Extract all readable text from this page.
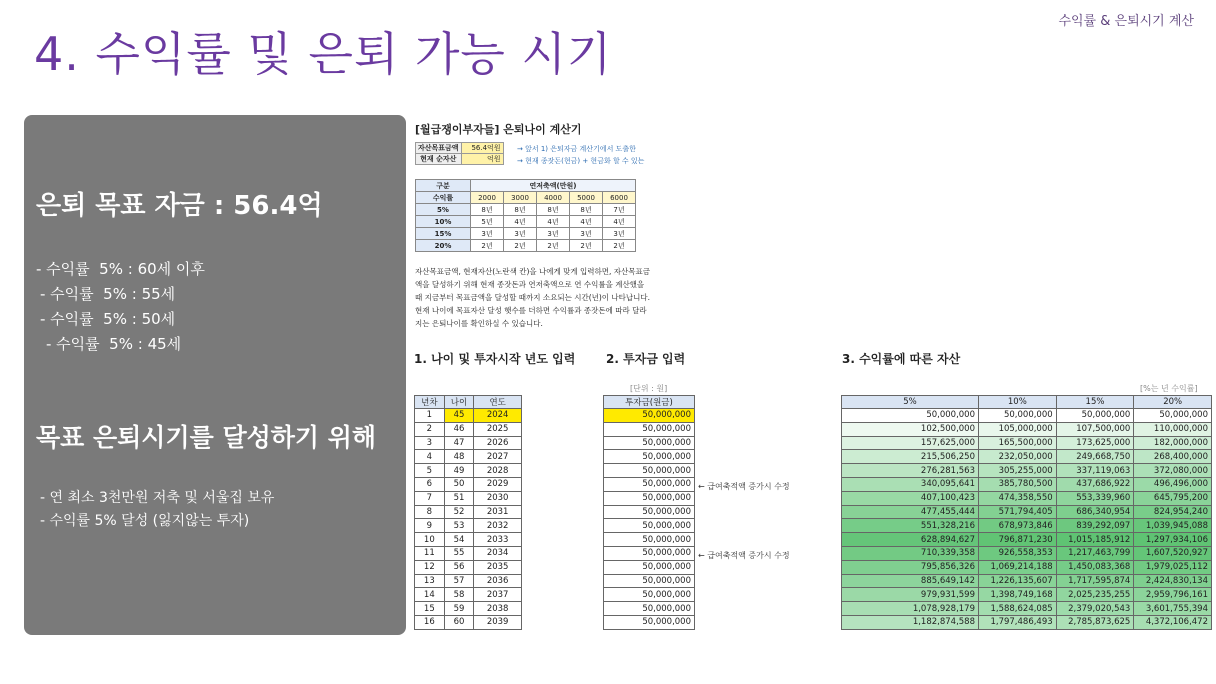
수익률 & 은퇴시기 계산
4. 수익률 및 은퇴 가능 시기
은퇴 목표 자금 : 56.4억
- 수익률  5% : 60세 이후
- 수익률  5% : 55세
- 수익률  5% : 50세
- 수익률  5% : 45세
목표 은퇴시기를 달성하기 위해
- 연 최소 3천만원 저축 및 서울집 보유
- 수익률 5% 달성 (잃지않는 투자)
[월급쟁이부자들] 은퇴나이 계산기
자산목표금액	56.4억원
현재 순자산	억원
→ 앞서 1) 은퇴자금 계산기에서 도출한
→ 현재 종잣돈(현금) + 현금화 할 수 있는
구분	연저축액(만원)				
수익률	2000	3000	4000	5000	6000
5%	8년	8년	8년	8년	7년
10%	5년	4년	4년	4년	4년
15%	3년	3년	3년	3년	3년
20%	2년	2년	2년	2년	2년
자산목표금액, 현재자산(노란색 칸)을 나에게 맞게 입력하면, 자산목표금액을 달성하기 위해 현재 종잣돈과 연저축액으로 연 수익률을 계산했을 때 지금부터 목표금액을 달성할 때까지 소요되는 시간(년)이 나타납니다. 현재 나이에 목표자산 달성 햇수를 더하면 수익률과 종잣돈에 따라 달라지는 은퇴나이를 확인하실 수 있습니다.
1. 나이 및 투자시작 년도 입력	2. 투자금 입력	3. 수익률에 따른 자산
[단위 : 원]	[%는 년 수익률]
년차	나이	연도
1	45	2024
2	46	2025
3	47	2026
4	48	2027
5	49	2028
6	50	2029
7	51	2030
8	52	2031
9	53	2032
10	54	2033
11	55	2034
12	56	2035
13	57	2036
14	58	2037
15	59	2038
16	60	2039
투자금(원금)
50,000,000
50,000,000
50,000,000
50,000,000
50,000,000
50,000,000
50,000,000
50,000,000
50,000,000
50,000,000
50,000,000
50,000,000
50,000,000
50,000,000
50,000,000
50,000,000
← 급여축적액 증가시 수정
← 급여축적액 증가시 수정
5%	10%	15%	20%
50,000,000	50,000,000	50,000,000	50,000,000
102,500,000	105,000,000	107,500,000	110,000,000
157,625,000	165,500,000	173,625,000	182,000,000
215,506,250	232,050,000	249,668,750	268,400,000
276,281,563	305,255,000	337,119,063	372,080,000
340,095,641	385,780,500	437,686,922	496,496,000
407,100,423	474,358,550	553,339,960	645,795,200
477,455,444	571,794,405	686,340,954	824,954,240
551,328,216	678,973,846	839,292,097	1,039,945,088
628,894,627	796,871,230	1,015,185,912	1,297,934,106
710,339,358	926,558,353	1,217,463,799	1,607,520,927
795,856,326	1,069,214,188	1,450,083,368	1,979,025,112
885,649,142	1,226,135,607	1,717,595,874	2,424,830,134
979,931,599	1,398,749,168	2,025,235,255	2,959,796,161
1,078,928,179	1,588,624,085	2,379,020,543	3,601,755,394
1,182,874,588	1,797,486,493	2,785,873,625	4,372,106,472
